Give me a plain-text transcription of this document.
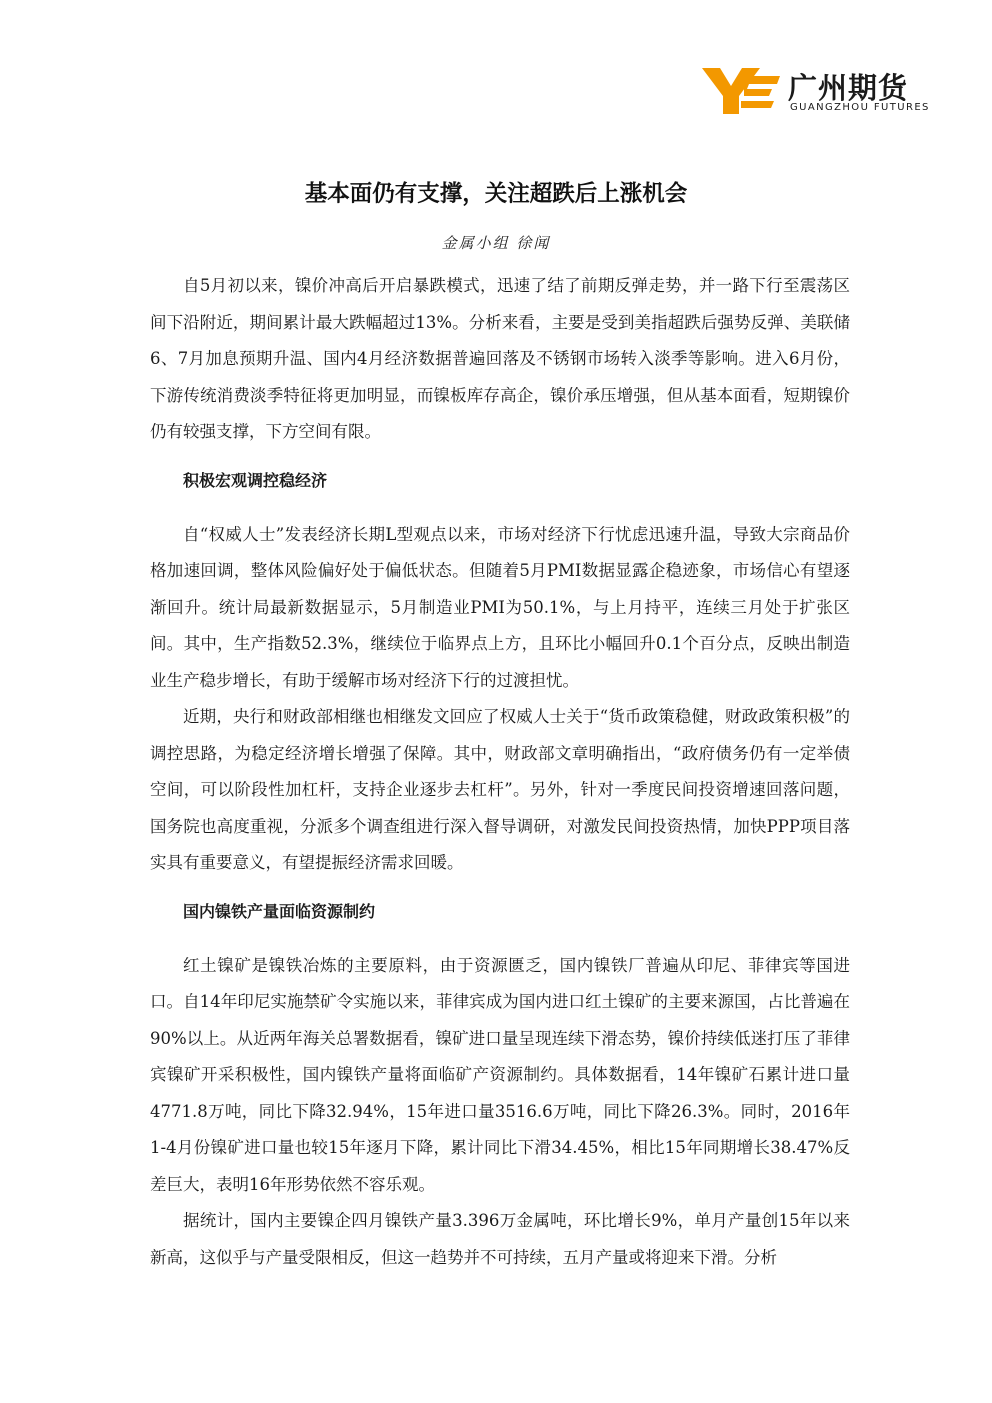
广州期货
GUANGZHOU FUTURES
基本面仍有支撑，关注超跌后上涨机会
金属小组 徐闻

自5月初以来，镍价冲高后开启暴跌模式，迅速了结了前期反弹走势，并一路下行至震荡区间下沿附近，期间累计最大跌幅超过13%。分析来看，主要是受到美指超跌后强势反弹、美联储6、7月加息预期升温、国内4月经济数据普遍回落及不锈钢市场转入淡季等影响。进入6月份，下游传统消费淡季特征将更加明显，而镍板库存高企，镍价承压增强，但从基本面看，短期镍价仍有较强支撑，下方空间有限。

积极宏观调控稳经济

自“权威人士”发表经济长期L型观点以来，市场对经济下行忧虑迅速升温，导致大宗商品价格加速回调，整体风险偏好处于偏低状态。但随着5月PMI数据显露企稳迹象，市场信心有望逐渐回升。统计局最新数据显示，5月制造业PMI为50.1%，与上月持平，连续三月处于扩张区间。其中，生产指数52.3%，继续位于临界点上方，且环比小幅回升0.1个百分点，反映出制造业生产稳步增长，有助于缓解市场对经济下行的过渡担忧。

近期，央行和财政部相继也相继发文回应了权威人士关于“货币政策稳健，财政政策积极”的调控思路，为稳定经济增长增强了保障。其中，财政部文章明确指出，“政府债务仍有一定举债空间，可以阶段性加杠杆，支持企业逐步去杠杆”。另外，针对一季度民间投资增速回落问题，国务院也高度重视，分派多个调查组进行深入督导调研，对激发民间投资热情，加快PPP项目落实具有重要意义，有望提振经济需求回暖。

国内镍铁产量面临资源制约

红土镍矿是镍铁冶炼的主要原料，由于资源匮乏，国内镍铁厂普遍从印尼、菲律宾等国进口。自14年印尼实施禁矿令实施以来，菲律宾成为国内进口红土镍矿的主要来源国，占比普遍在90%以上。从近两年海关总署数据看，镍矿进口量呈现连续下滑态势，镍价持续低迷打压了菲律宾镍矿开采积极性，国内镍铁产量将面临矿产资源制约。具体数据看，14年镍矿石累计进口量4771.8万吨，同比下降32.94%，15年进口量3516.6万吨，同比下降26.3%。同时，2016年1-4月份镍矿进口量也较15年逐月下降，累计同比下滑34.45%，相比15年同期增长38.47%反差巨大，表明16年形势依然不容乐观。

据统计，国内主要镍企四月镍铁产量3.396万金属吨，环比增长9%，单月产量创15年以来新高，这似乎与产量受限相反，但这一趋势并不可持续，五月产量或将迎来下滑。分析
